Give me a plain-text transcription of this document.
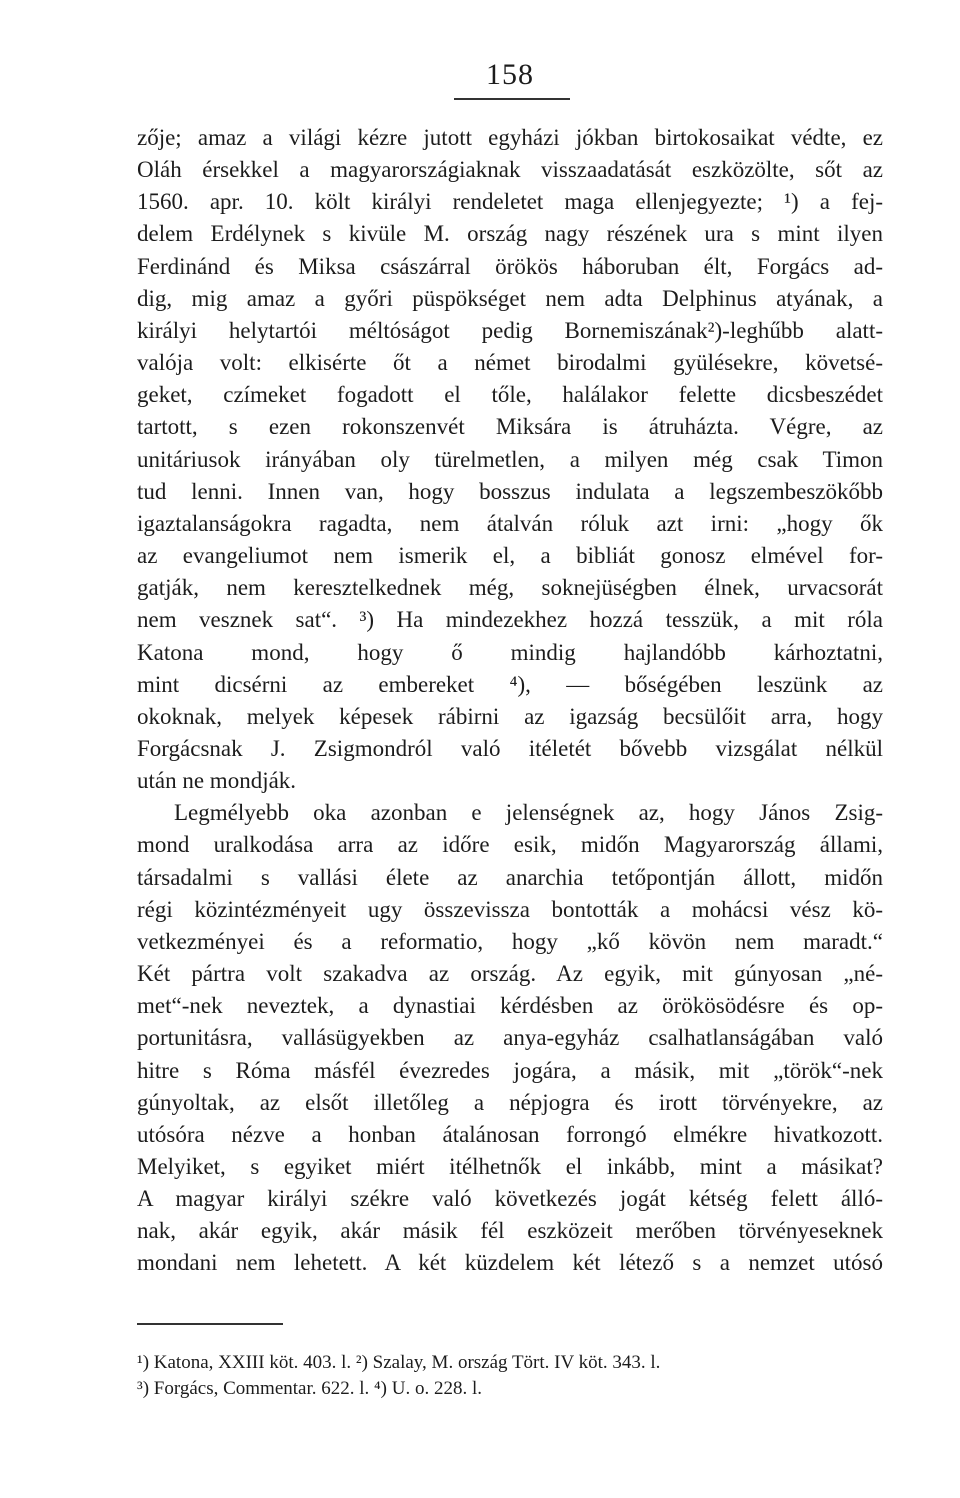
158

zője; amaz a világi kézre jutott egyházi jókban birtokosaikat védte, ez
Oláh érsekkel a magyarországiaknak visszaadatását eszközölte, sőt az
1560. apr. 10. költ királyi rendeletet maga ellenjegyezte; ¹) a fej-
delem Erdélynek s kivüle M. ország nagy részének ura s mint ilyen
Ferdinánd és Miksa császárral örökös háboruban élt, Forgács ad-
dig, mig amaz a győri püspökséget nem adta Delphinus atyának, a
királyi helytartói méltóságot pedig Bornemiszának²)-leghűbb alatt-
valója volt: elkisérte őt a német birodalmi gyülésekre, követsé-
geket, czímeket fogadott el tőle, halálakor felette dicsbeszédet
tartott, s ezen rokonszenvét Miksára is átruházta. Végre, az
unitáriusok irányában oly türelmetlen, a milyen még csak Timon
tud lenni. Innen van, hogy bosszus indulata a legszembeszökőbb
igaztalanságokra ragadta, nem átalván róluk azt irni: „hogy ők
az evangeliumot nem ismerik el, a bibliát gonosz elmével for-
gatják, nem keresztelkednek még, soknejüségben élnek, urvacsorát
nem vesznek sat“. ³) Ha mindezekhez hozzá tesszük, a mit róla
Katona mond, hogy ő mindig hajlandóbb kárhoztatni,
mint dicsérni az embereket ⁴), — bőségében leszünk az
okoknak, melyek képesek rábirni az igazság becsülőit arra, hogy
Forgácsnak J. Zsigmondról való itéletét bővebb vizsgálat nélkül
után ne mondják.
Legmélyebb oka azonban e jelenségnek az, hogy János Zsig-
mond uralkodása arra az időre esik, midőn Magyarország állami,
társadalmi s vallási élete az anarchia tetőpontján állott, midőn
régi közintézményeit ugy összevissza bontották a mohácsi vész kö-
vetkezményei és a reformatio, hogy „kő kövön nem maradt.“
Két pártra volt szakadva az ország. Az egyik, mit gúnyosan „né-
met“-nek neveztek, a dynastiai kérdésben az örökösödésre és op-
portunitásra, vallásügyekben az anya-egyház csalhatlanságában való
hitre s Róma másfél évezredes jogára, a másik, mit „török“-nek
gúnyoltak, az elsőt illetőleg a népjogra és irott törvényekre, az
utósóra nézve a honban átalánosan forrongó elmékre hivatkozott.
Melyiket, s egyiket miért itélhetnők el inkább, mint a másikat?
A magyar királyi székre való következés jogát kétség felett álló-
nak, akár egyik, akár másik fél eszközeit merőben törvényeseknek
mondani nem lehetett. A két küzdelem két létező s a nemzet utósó
¹) Katona, XXIII köt. 403. l. ²) Szalay, M. ország Tört. IV köt. 343. l.
³) Forgács, Commentar. 622. l. ⁴) U. o. 228. l.
